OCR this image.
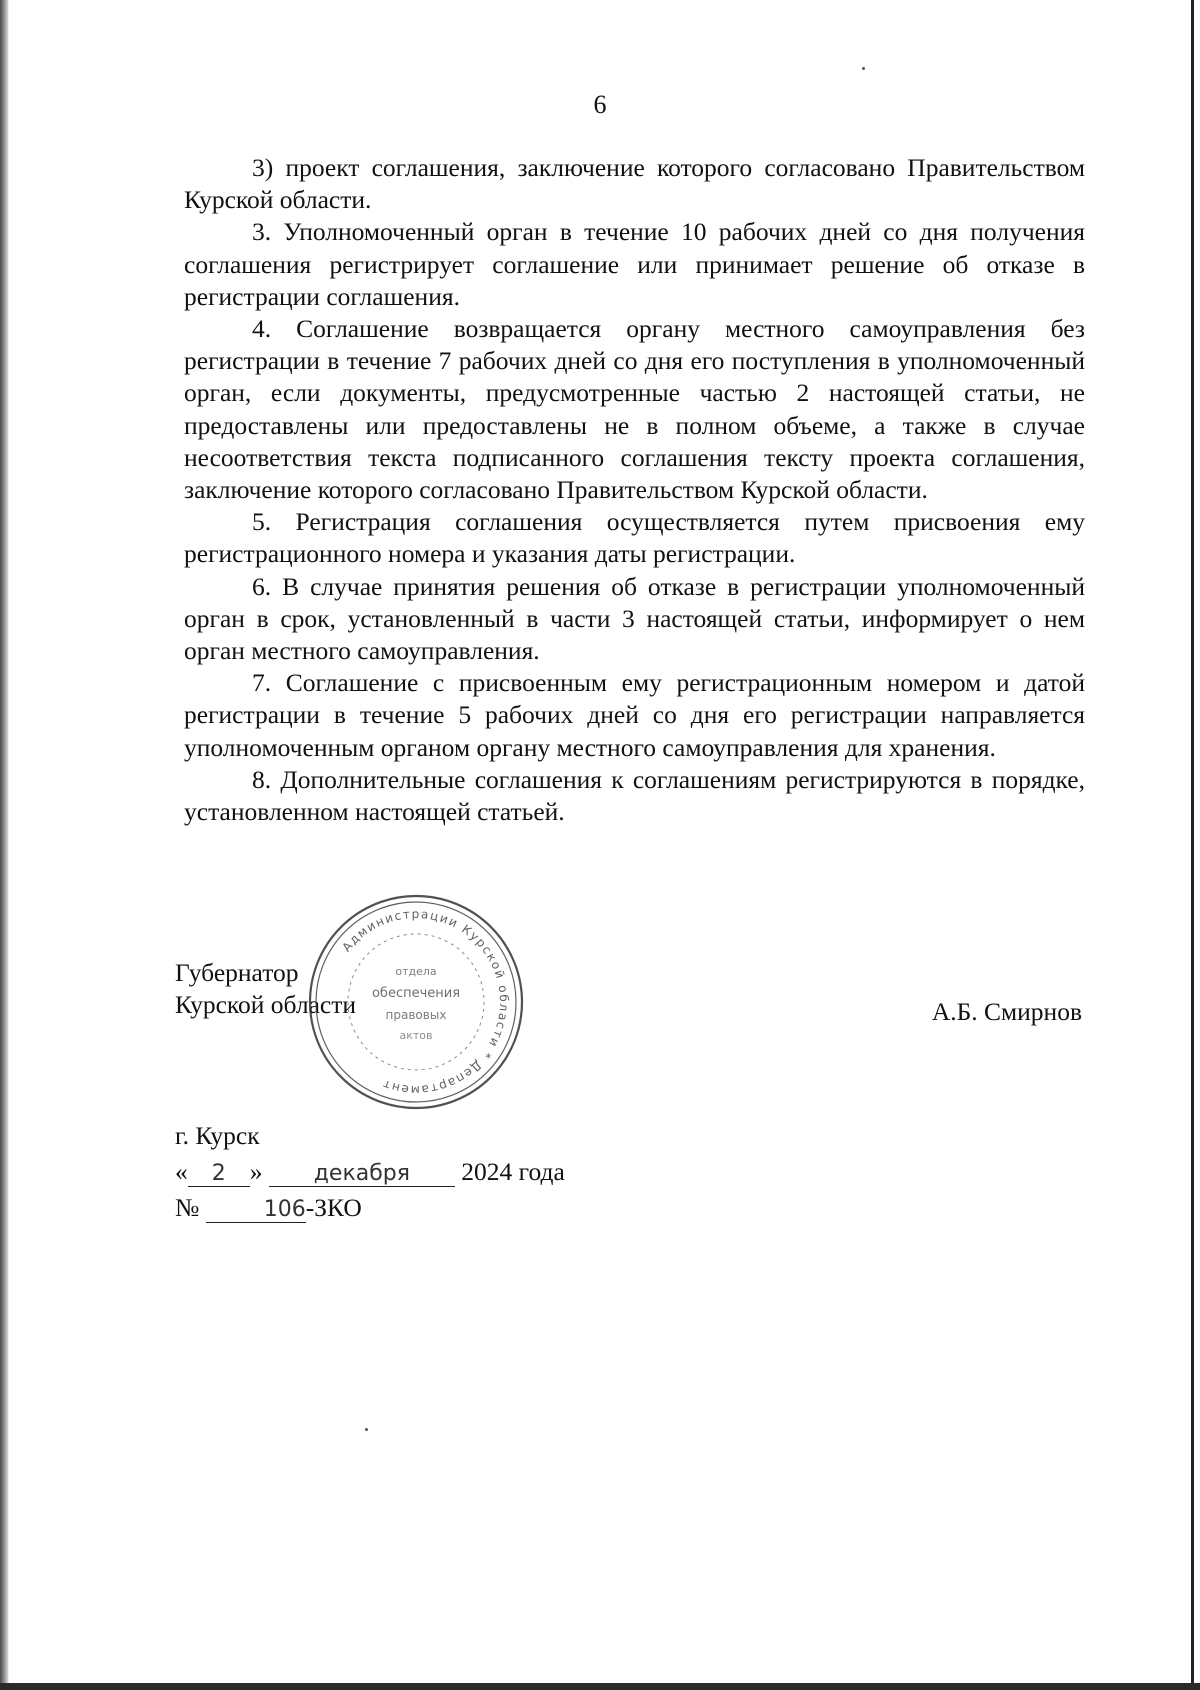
6

3) проект соглашения, заключение которого согласовано Правительством Курской области.

3. Уполномоченный орган в течение 10 рабочих дней со дня получения соглашения регистрирует соглашение или принимает решение об отказе в регистрации соглашения.

4. Соглашение возвращается органу местного самоуправления без регистрации в течение 7 рабочих дней со дня его поступления в уполномоченный орган, если документы, предусмотренные частью 2 настоящей статьи, не предоставлены или предоставлены не в полном объеме, а также в случае несоответствия текста подписанного соглашения тексту проекта соглашения, заключение которого согласовано Правительством Курской области.

5. Регистрация соглашения осуществляется путем присвоения ему регистрационного номера и указания даты регистрации.

6. В случае принятия решения об отказе в регистрации уполномоченный орган в срок, установленный в части 3 настоящей статьи, информирует о нем орган местного самоуправления.

7. Соглашение с присвоенным ему регистрационным номером и датой регистрации в течение 5 рабочих дней со дня его регистрации направляется уполномоченным органом органу местного самоуправления для хранения.

8. Дополнительные соглашения к соглашениям регистрируются в порядке, установленном настоящей статьей.

Губернатор
Курской области
Администрации Курской области * Департамент
отдела
обеспечения
правовых
актов
А.Б. Смирнов
г. Курск
« 2 » декабря 2024 года
№	106-ЗКО
